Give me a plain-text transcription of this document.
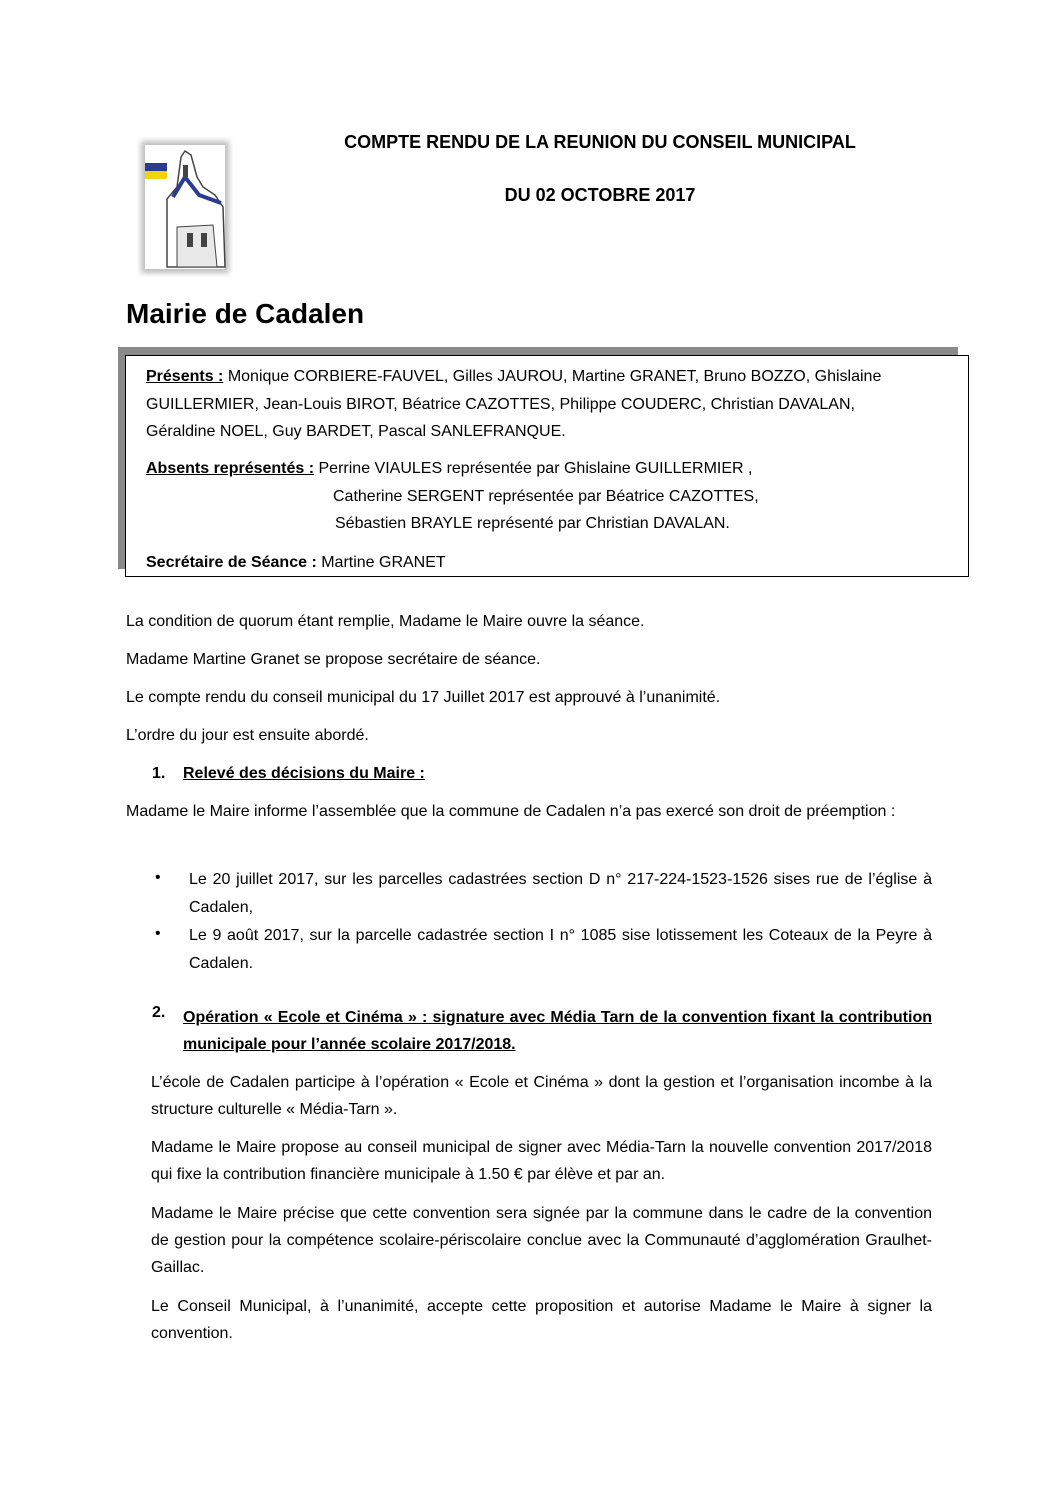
COMPTE RENDU DE LA REUNION DU CONSEIL MUNICIPAL
DU 02 OCTOBRE 2017
Mairie de Cadalen
Présents : Monique CORBIERE-FAUVEL, Gilles JAUROU, Martine GRANET, Bruno BOZZO, Ghislaine
GUILLERMIER, Jean-Louis BIROT, Béatrice CAZOTTES, Philippe COUDERC, Christian DAVALAN,
Géraldine NOEL, Guy BARDET, Pascal SANLEFRANQUE.
Absents représentés : Perrine VIAULES représentée par Ghislaine GUILLERMIER ,
Catherine SERGENT représentée par Béatrice CAZOTTES,
Sébastien BRAYLE représenté par Christian DAVALAN.
Secrétaire de Séance : Martine GRANET
La condition de quorum étant remplie, Madame le Maire ouvre la séance.
Madame Martine Granet se propose secrétaire de séance.
Le compte rendu du conseil municipal du 17 Juillet 2017 est approuvé à l’unanimité.
L’ordre du jour est ensuite abordé.
1. Relevé des décisions du Maire :
Madame le Maire informe l’assemblée que la commune de Cadalen n’a pas exercé son droit de préemption :
• Le 20 juillet 2017, sur les parcelles cadastrées section D n° 217-224-1523-1526 sises rue de l’église à Cadalen,
• Le 9 août 2017, sur la parcelle cadastrée section I n° 1085 sise lotissement les Coteaux de la Peyre à Cadalen.
2. Opération « Ecole et Cinéma » : signature avec Média Tarn de la convention fixant la contribution municipale pour l’année scolaire 2017/2018.
L’école de Cadalen participe à l’opération « Ecole et Cinéma » dont la gestion et l’organisation incombe à la structure culturelle « Média-Tarn ».
Madame le Maire propose au conseil municipal de signer avec Média-Tarn la nouvelle convention 2017/2018 qui fixe la contribution financière municipale à 1.50 € par élève et par an.
Madame le Maire précise que cette convention sera signée par la commune dans le cadre de la convention de gestion pour la compétence scolaire-périscolaire conclue avec la Communauté d’agglomération Graulhet-Gaillac.
Le Conseil Municipal, à l’unanimité, accepte cette proposition et autorise Madame le Maire à signer la convention.
